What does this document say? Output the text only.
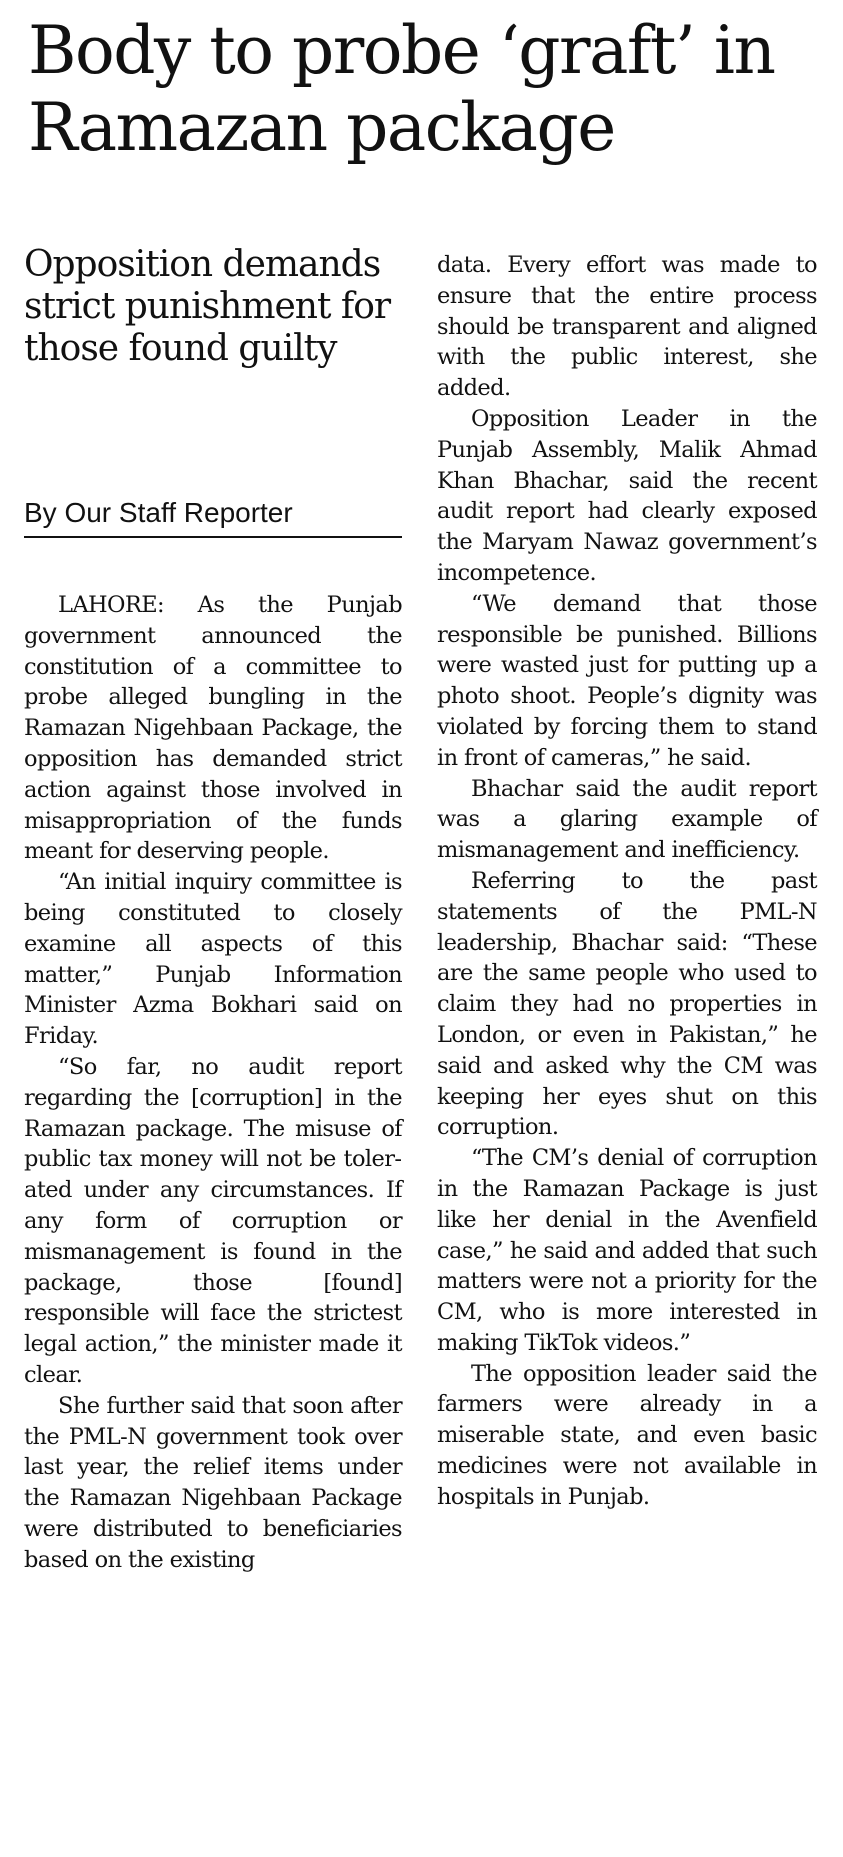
Body to probe ‘graft’ in Ramazan package
Opposition demands strict punishment for those found guilty
By Our Staff Reporter

LAHORE: As the Punjab government announced the constitution of a committee to probe alleged bungling in the Ramazan Nigehbaan Package, the opposition has demanded strict action against those involved in misappropriation of the funds meant for deserving people.

“An initial inquiry committee is being constituted to closely examine all aspects of this matter,” Punjab Information Minister Azma Bokhari said on Friday.

“So far, no audit report regarding the [corruption] in the Ramazan package. The misuse of public tax money will not be tolerated under any circumstances. If any form of corruption or mismanagement is found in the package, those [found] responsible will face the strictest legal action,” the minister made it clear.

She further said that soon after the PML-N government took over last year, the relief items under the Ramazan Nigehbaan Package were distributed to beneficiaries based on the existing

data. Every effort was made to ensure that the entire process should be transparent and aligned with the public interest, she added.

Opposition Leader in the Punjab Assembly, Malik Ahmad Khan Bhachar, said the recent audit report had clearly exposed the Maryam Nawaz government’s incompetence.

“We demand that those responsible be punished. Billions were wasted just for putting up a photo shoot. People’s dignity was violated by forcing them to stand in front of cameras,” he said.

Bhachar said the audit report was a glaring example of mismanagement and inefficiency.

Referring to the past statements of the PML-N leadership, Bhachar said: “These are the same people who used to claim they had no properties in London, or even in Pakistan,” he said and asked why the CM was keeping her eyes shut on this corruption.

“The CM’s denial of corruption in the Ramazan Package is just like her denial in the Avenfield case,” he said and added that such matters were not a priority for the CM, who is more interested in making TikTok videos.”

The opposition leader said the farmers were already in a miserable state, and even basic medicines were not available in hospitals in Punjab.
